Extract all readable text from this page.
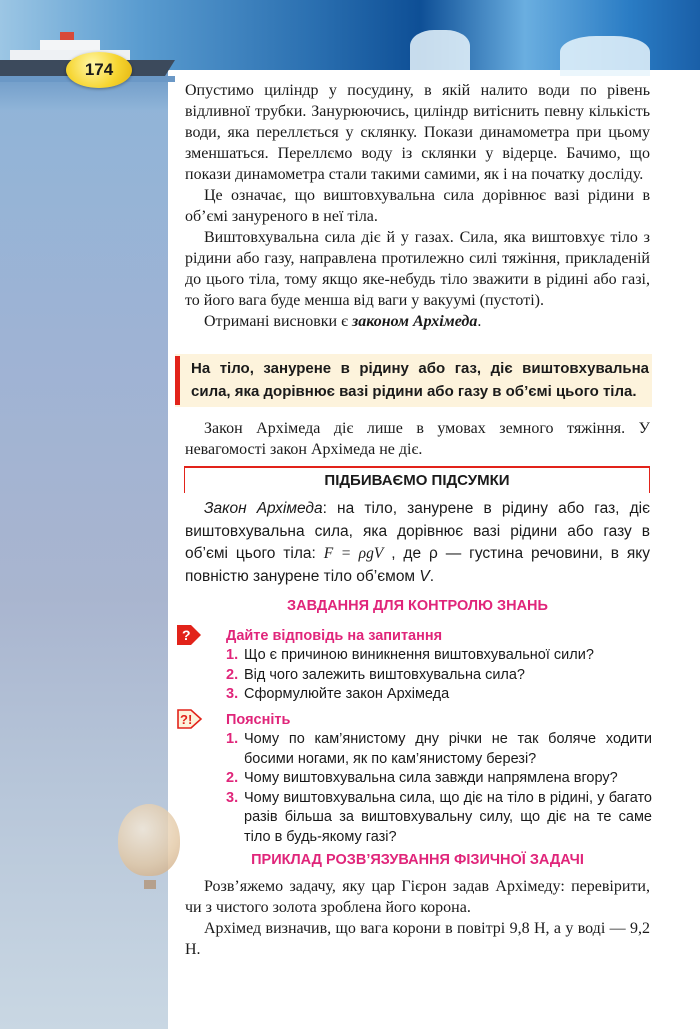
174

Опустимо циліндр у посудину, в якій налито води по рівень відливної трубки. Занурюючись, циліндр витіснить певну кількість води, яка переллється у склянку. Покази динамометра при цьому зменшаться. Переллємо воду із склянки у відерце. Бачимо, що покази динамометра стали такими самими, як і на початку досліду.

Це означає, що виштовхувальна сила дорівнює вазі рідини в об’ємі зануреного в неї тіла.

Виштовхувальна сила діє й у газах. Сила, яка виштовхує тіло з рідини або газу, направлена протилежно силі тяжіння, прикладеній до цього тіла, тому якщо яке-небудь тіло зважити в рідині або газі, то його вага буде менша від ваги у вакуумі (пустоті).

Отримані висновки є законом Архімеда.

На тіло, занурене в рідину або газ, діє виштовхувальна сила, яка дорівнює вазі рідини або газу в об’ємі цього тіла.

Закон Архімеда діє лише в умовах земного тяжіння. У невагомості закон Архімеда не діє.

ПІДБИВАЄМО ПІДСУМКИ

Закон Архімеда: на тіло, занурене в рідину або газ, діє виштовхувальна сила, яка дорівнює вазі рідини або газу в об’ємі цього тіла: F = ρgV , де ρ — густина речовини, в яку повністю занурене тіло об’ємом V.

ЗАВДАННЯ ДЛЯ КОНТРОЛЮ ЗНАНЬ
? Дайте відповідь на запитання
1. Що є причиною виникнення виштовхувальної сили?
2. Від чого залежить виштовхувальна сила?
3. Сформулюйте закон Архімеда
?! Поясніть
1. Чому по кам’янистому дну річки не так боляче ходити босими ногами, як по кам’янистому березі?
2. Чому виштовхувальна сила завжди напрямлена вгору?
3. Чому виштовхувальна сила, що діє на тіло в рідині, у багато разів більша за виштовхувальну силу, що діє на те саме тіло в будь-якому газі?
ПРИКЛАД РОЗВ’ЯЗУВАННЯ ФІЗИЧНОЇ ЗАДАЧІ

Розв’яжемо задачу, яку цар Гієрон задав Архімеду: перевірити, чи з чистого золота зроблена його корона.

Архімед визначив, що вага корони в повітрі 9,8 Н, а у воді — 9,2 Н.
